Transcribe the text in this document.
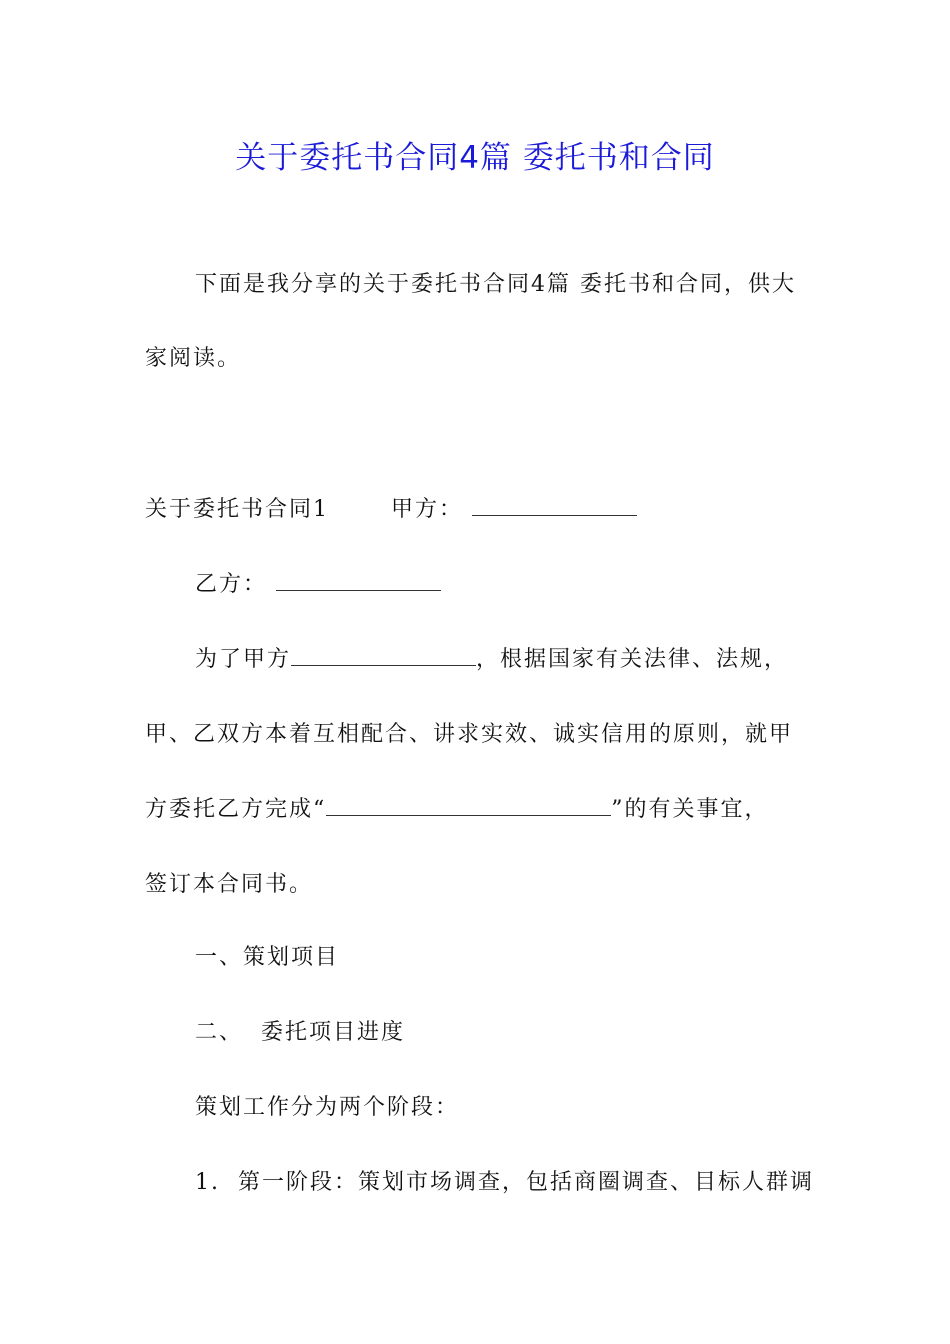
关于委托书合同4篇 委托书和合同
下面是我分享的关于委托书合同4篇 委托书和合同，供大
家阅读。
关于委托书合同1	甲方：
乙方：
为了甲方	，根据国家有关法律、法规，
甲、乙双方本着互相配合、讲求实效、诚实信用的原则，就甲
方委托乙方完成“	”的有关事宜，
签订本合同书。
一、策划项目
二、  委托项目进度
策划工作分为两个阶段：
1.  第一阶段：策划市场调查，包括商圈调查、目标人群调
